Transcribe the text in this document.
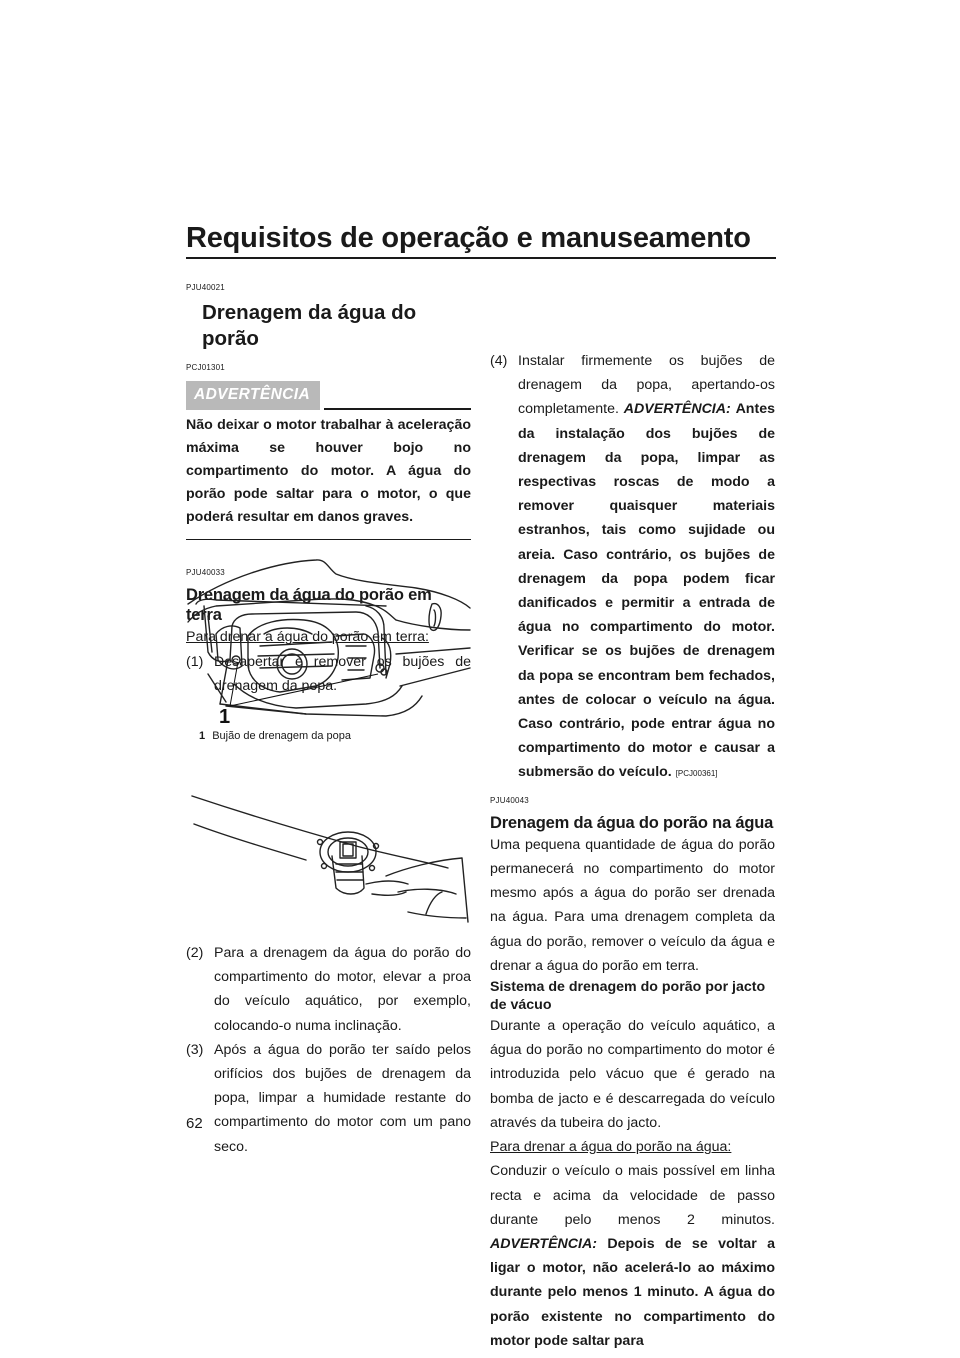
Requisitos de operação e manuseamento
PJU40021
Drenagem da água do porão
PCJ01301
ADVERTÊNCIA
Não deixar o motor trabalhar à aceleração máxima se houver bojo no compartimento do motor. A água do porão pode saltar para o motor, o que poderá resultar em danos graves.
PJU40033
Drenagem da água do porão em terra
Para drenar a água do porão em terra:
(1) Desapertar e remover os bujões de drenagem da popa.
1
1 Bujão de drenagem da popa
(2) Para a drenagem da água do porão do compartimento do motor, elevar a proa do veículo aquático, por exemplo, colocando-o numa inclinação.
(3) Após a água do porão ter saído pelos orifícios dos bujões de drenagem da popa, limpar a humidade restante do compartimento do motor com um pano seco.
(4) Instalar firmemente os bujões de drenagem da popa, apertando-os completamente. ADVERTÊNCIA: Antes da instalação dos bujões de drenagem da popa, limpar as respectivas roscas de modo a remover quaisquer materiais estranhos, tais como sujidade ou areia. Caso contrário, os bujões de drenagem da popa podem ficar danificados e permitir a entrada de água no compartimento do motor. Verificar se os bujões de drenagem da popa se encontram bem fechados, antes de colocar o veículo na água. Caso contrário, pode entrar água no compartimento do motor e causar a submersão do veículo. [PCJ00361]
PJU40043
Drenagem da água do porão na água
Uma pequena quantidade de água do porão permanecerá no compartimento do motor mesmo após a água do porão ser drenada na água. Para uma drenagem completa da água do porão, remover o veículo da água e drenar a água do porão em terra.
Sistema de drenagem do porão por jacto de vácuo
Durante a operação do veículo aquático, a água do porão no compartimento do motor é introduzida pelo vácuo que é gerado na bomba de jacto e é descarregada do veículo através da tubeira do jacto.
Para drenar a água do porão na água:
Conduzir o veículo o mais possível em linha recta e acima da velocidade de passo durante pelo menos 2 minutos. ADVERTÊNCIA: Depois de se voltar a ligar o motor, não acelerá-lo ao máximo durante pelo menos 1 minuto. A água do porão existente no compartimento do motor pode saltar para
62
